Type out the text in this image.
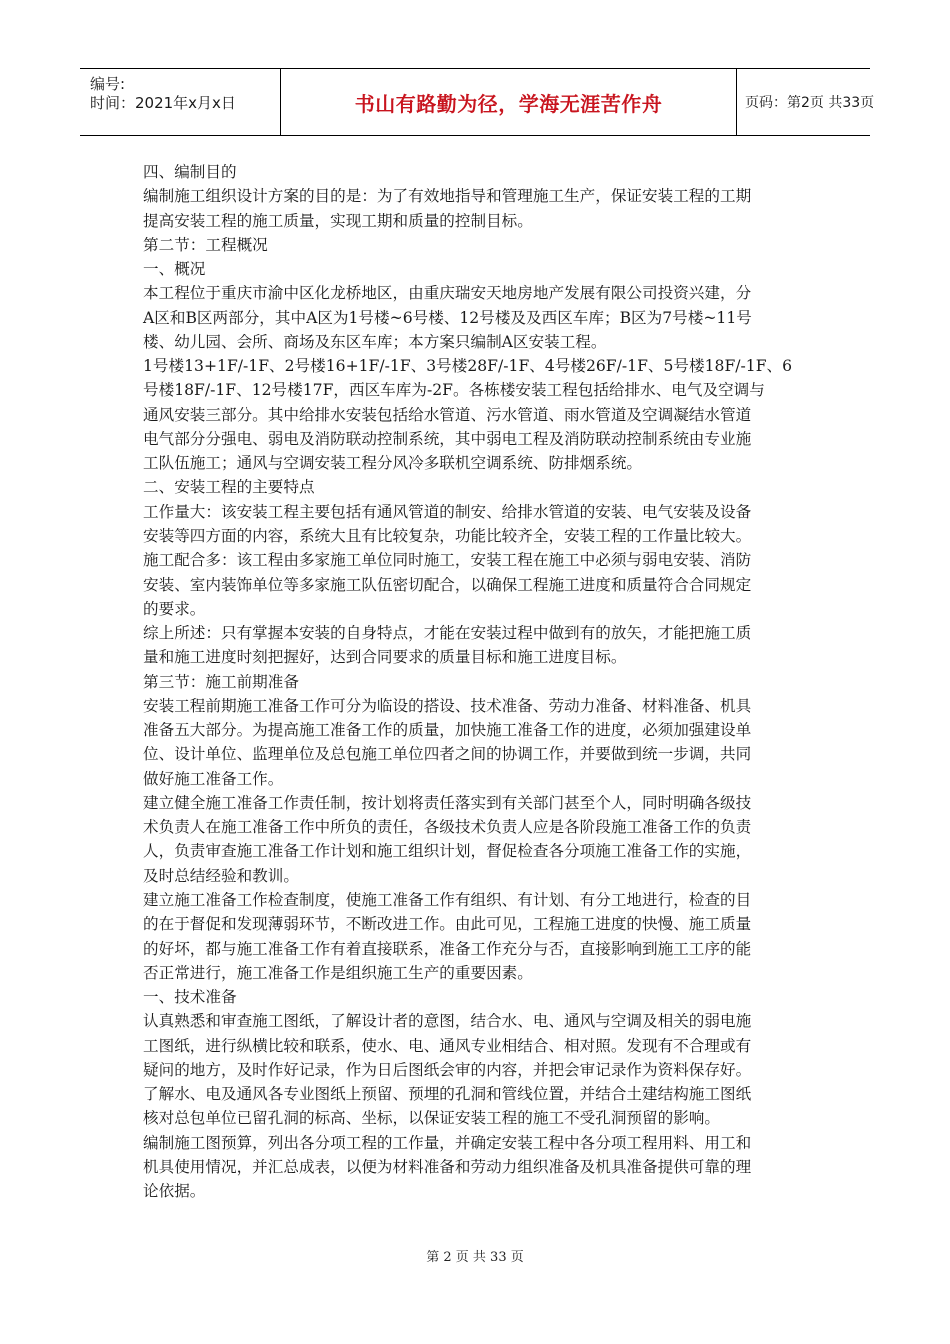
编号:
时间：2021年x月x日	书山有路勤为径，学海无涯苦作舟	页码：第2页 共33页
四、编制目的
编制施工组织设计方案的目的是：为了有效地指导和管理施工生产，保证安装工程的工期
提高安装工程的施工质量，实现工期和质量的控制目标。
第二节：工程概况
一、概况
本工程位于重庆市渝中区化龙桥地区，由重庆瑞安天地房地产发展有限公司投资兴建，分
A区和B区两部分，其中A区为1号楼~6号楼、12号楼及及西区车库；B区为7号楼~11号
楼、幼儿园、会所、商场及东区车库；本方案只编制A区安装工程。
1号楼13+1F/-1F、2号楼16+1F/-1F、3号楼28F/-1F、4号楼26F/-1F、5号楼18F/-1F、6
号楼18F/-1F、12号楼17F，西区车库为-2F。各栋楼安装工程包括给排水、电气及空调与
通风安装三部分。其中给排水安装包括给水管道、污水管道、雨水管道及空调凝结水管道
电气部分分强电、弱电及消防联动控制系统，其中弱电工程及消防联动控制系统由专业施
工队伍施工；通风与空调安装工程分风冷多联机空调系统、防排烟系统。
二、安装工程的主要特点
工作量大：该安装工程主要包括有通风管道的制安、给排水管道的安装、电气安装及设备
安装等四方面的内容，系统大且有比较复杂，功能比较齐全，安装工程的工作量比较大。
施工配合多：该工程由多家施工单位同时施工，安装工程在施工中必须与弱电安装、消防
安装、室内装饰单位等多家施工队伍密切配合，以确保工程施工进度和质量符合合同规定
的要求。
综上所述：只有掌握本安装的自身特点，才能在安装过程中做到有的放矢，才能把施工质
量和施工进度时刻把握好，达到合同要求的质量目标和施工进度目标。
第三节：施工前期准备
安装工程前期施工准备工作可分为临设的搭设、技术准备、劳动力准备、材料准备、机具
准备五大部分。为提高施工准备工作的质量，加快施工准备工作的进度，必须加强建设单
位、设计单位、监理单位及总包施工单位四者之间的协调工作，并要做到统一步调，共同
做好施工准备工作。
建立健全施工准备工作责任制，按计划将责任落实到有关部门甚至个人，同时明确各级技
术负责人在施工准备工作中所负的责任，各级技术负责人应是各阶段施工准备工作的负责
人，负责审查施工准备工作计划和施工组织计划，督促检查各分项施工准备工作的实施，
及时总结经验和教训。
建立施工准备工作检查制度，使施工准备工作有组织、有计划、有分工地进行，检查的目
的在于督促和发现薄弱环节，不断改进工作。由此可见，工程施工进度的快慢、施工质量
的好坏，都与施工准备工作有着直接联系，准备工作充分与否，直接影响到施工工序的能
否正常进行，施工准备工作是组织施工生产的重要因素。
一、技术准备
认真熟悉和审查施工图纸，了解设计者的意图，结合水、电、通风与空调及相关的弱电施
工图纸，进行纵横比较和联系，使水、电、通风专业相结合、相对照。发现有不合理或有
疑问的地方，及时作好记录，作为日后图纸会审的内容，并把会审记录作为资料保存好。
了解水、电及通风各专业图纸上预留、预埋的孔洞和管线位置，并结合土建结构施工图纸
核对总包单位已留孔洞的标高、坐标，以保证安装工程的施工不受孔洞预留的影响。
编制施工图预算，列出各分项工程的工作量，并确定安装工程中各分项工程用料、用工和
机具使用情况，并汇总成表，以便为材料准备和劳动力组织准备及机具准备提供可靠的理
论依据。
第 2 页 共 33 页
